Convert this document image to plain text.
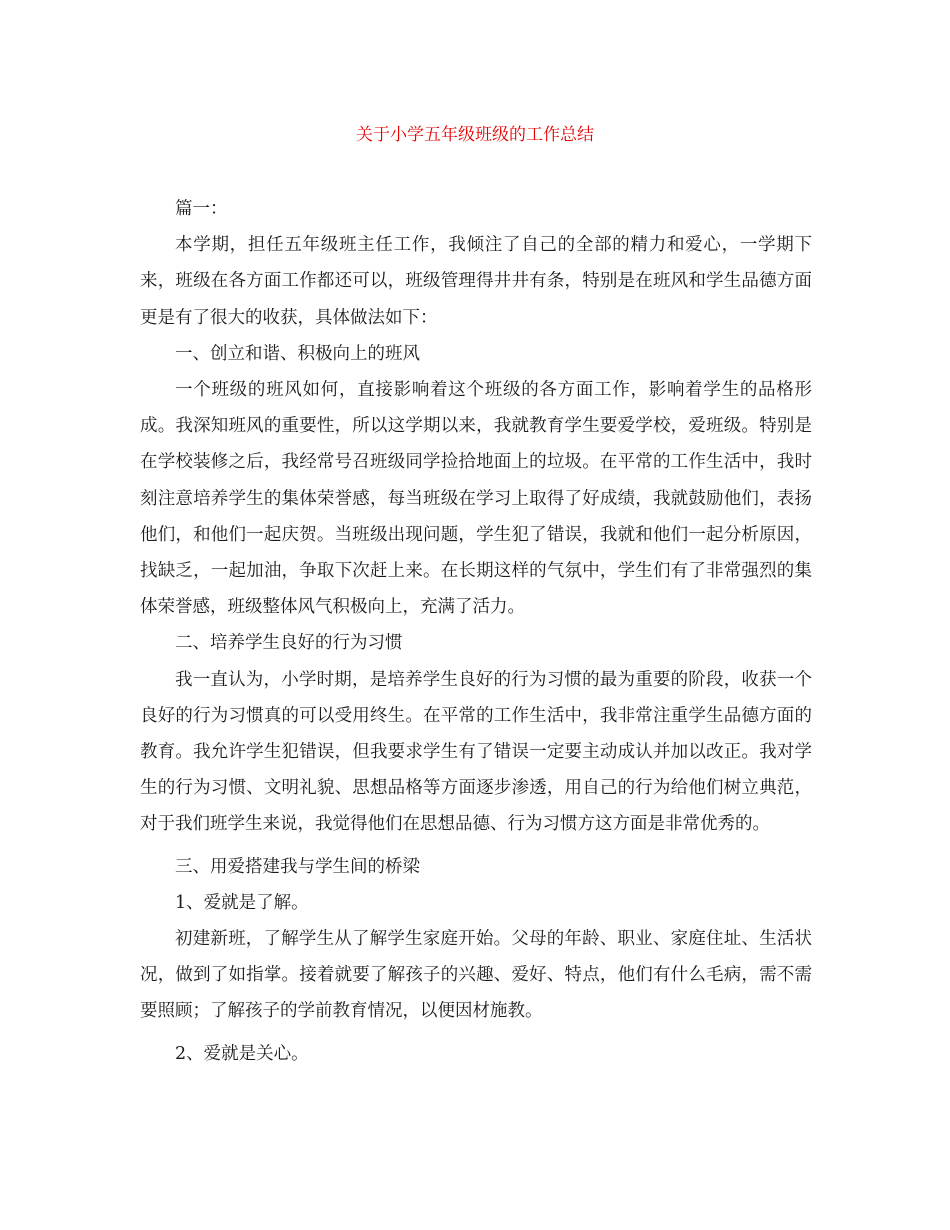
关于小学五年级班级的工作总结

篇一：

本学期，担任五年级班主任工作，我倾注了自己的全部的精力和爱心，一学期下来，班级在各方面工作都还可以，班级管理得井井有条，特别是在班风和学生品德方面更是有了很大的收获，具体做法如下：

一、创立和谐、积极向上的班风

一个班级的班风如何，直接影响着这个班级的各方面工作，影响着学生的品格形成。我深知班风的重要性，所以这学期以来，我就教育学生要爱学校，爱班级。特别是在学校装修之后，我经常号召班级同学捡拾地面上的垃圾。在平常的工作生活中，我时刻注意培养学生的集体荣誉感，每当班级在学习上取得了好成绩，我就鼓励他们，表扬他们，和他们一起庆贺。当班级出现问题，学生犯了错误，我就和他们一起分析原因，找缺乏，一起加油，争取下次赶上来。在长期这样的气氛中，学生们有了非常强烈的集体荣誉感，班级整体风气积极向上，充满了活力。

二、培养学生良好的行为习惯

我一直认为，小学时期，是培养学生良好的行为习惯的最为重要的阶段，收获一个良好的行为习惯真的可以受用终生。在平常的工作生活中，我非常注重学生品德方面的教育。我允许学生犯错误，但我要求学生有了错误一定要主动成认并加以改正。我对学生的行为习惯、文明礼貌、思想品格等方面逐步渗透，用自己的行为给他们树立典范，对于我们班学生来说，我觉得他们在思想品德、行为习惯方这方面是非常优秀的。

三、用爱搭建我与学生间的桥梁

1、爱就是了解。

初建新班，了解学生从了解学生家庭开始。父母的年龄、职业、家庭住址、生活状况，做到了如指掌。接着就要了解孩子的兴趣、爱好、特点，他们有什么毛病，需不需要照顾；了解孩子的学前教育情况，以便因材施教。

2、爱就是关心。
